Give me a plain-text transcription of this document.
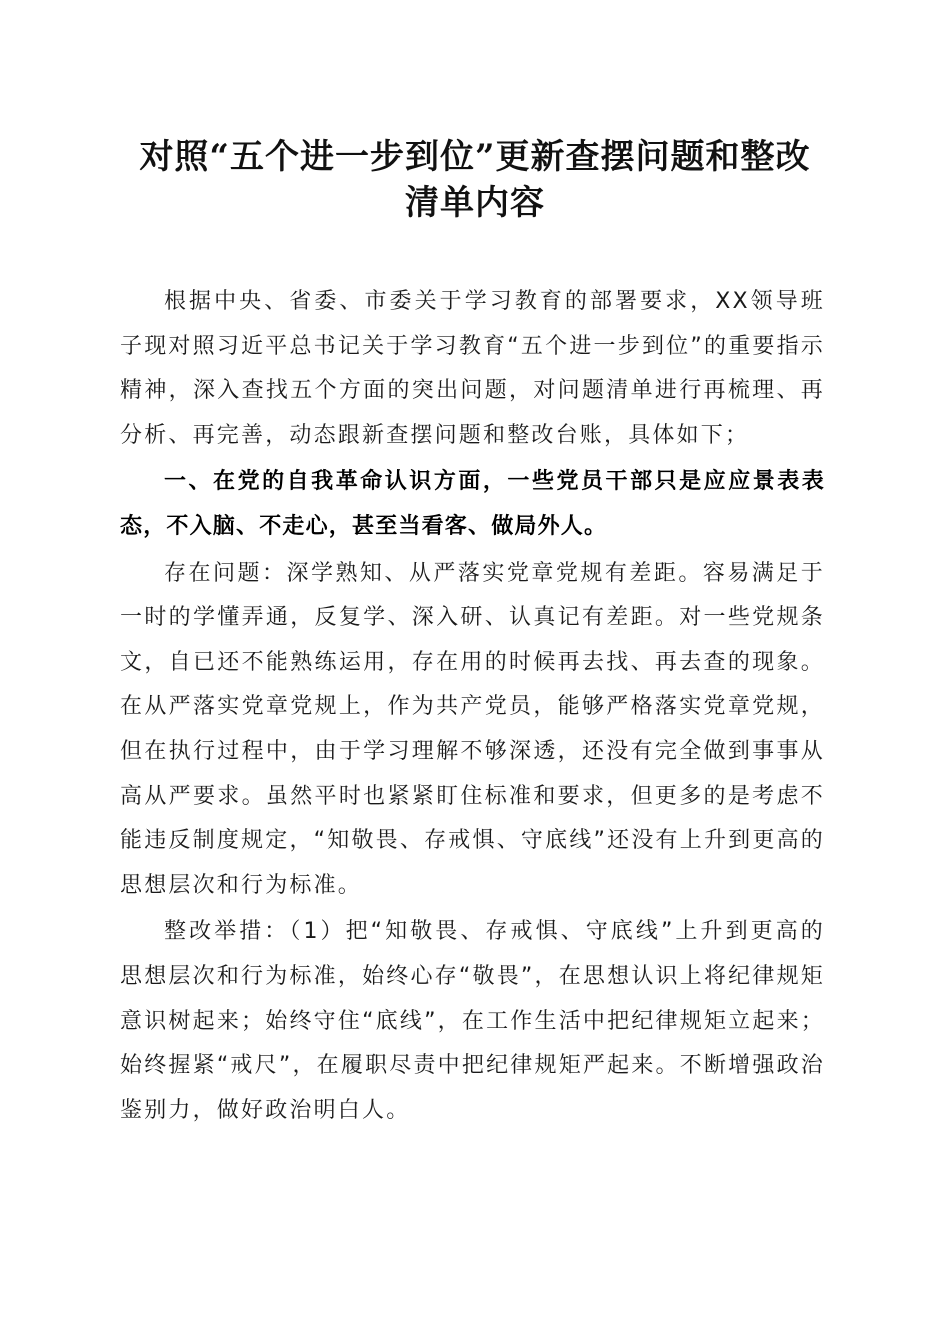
对照“五个进一步到位”更新查摆问题和整改
清单内容

根据中央、省委、市委关于学习教育的部署要求，XX领导班子现对照习近平总书记关于学习教育“五个进一步到位”的重要指示精神，深入查找五个方面的突出问题，对问题清单进行再梳理、再分析、再完善，动态跟新查摆问题和整改台账，具体如下；

一、在党的自我革命认识方面，一些党员干部只是应应景表表态，不入脑、不走心，甚至当看客、做局外人。

存在问题：深学熟知、从严落实党章党规有差距。容易满足于一时的学懂弄通，反复学、深入研、认真记有差距。对一些党规条文，自已还不能熟练运用，存在用的时候再去找、再去查的现象。在从严落实党章党规上，作为共产党员，能够严格落实党章党规，但在执行过程中，由于学习理解不够深透，还没有完全做到事事从高从严要求。虽然平时也紧紧盯住标准和要求，但更多的是考虑不能违反制度规定，“知敬畏、存戒惧、守底线”还没有上升到更高的思想层次和行为标准。

整改举措：（1）把“知敬畏、存戒惧、守底线”上升到更高的思想层次和行为标准，始终心存“敬畏”，在思想认识上将纪律规矩意识树起来；始终守住“底线”，在工作生活中把纪律规矩立起来；始终握紧“戒尺”，在履职尽责中把纪律规矩严起来。不断增强政治鉴别力，做好政治明白人。
